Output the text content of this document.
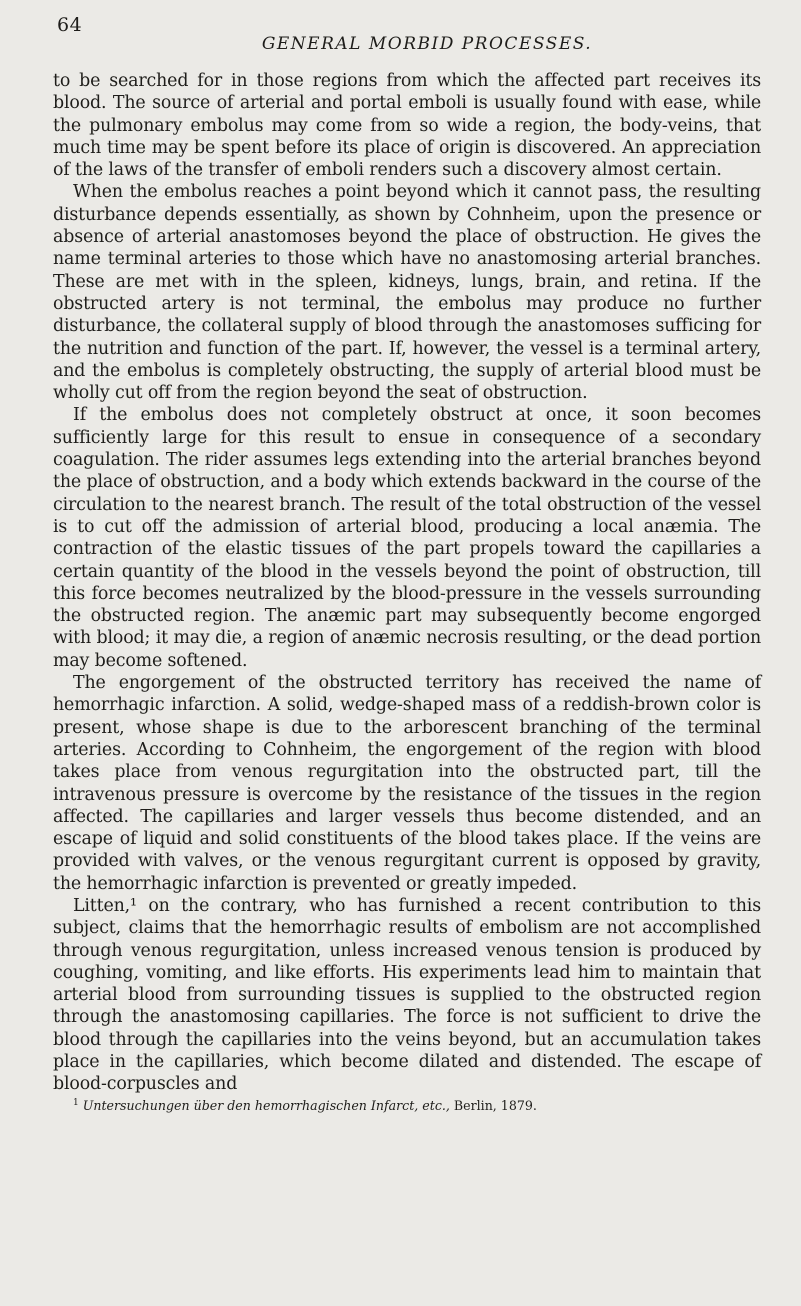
64
GENERAL MORBID PROCESSES.

to be searched for in those regions from which the affected part receives its blood. The source of arterial and portal emboli is usually found with ease, while the pulmonary embolus may come from so wide a region, the body-veins, that much time may be spent before its place of origin is discovered. An appreciation of the laws of the transfer of emboli renders such a discovery almost certain.

When the embolus reaches a point beyond which it cannot pass, the resulting disturbance depends essentially, as shown by Cohnheim, upon the presence or absence of arterial anastomoses beyond the place of obstruction. He gives the name terminal arteries to those which have no anastomosing arterial branches. These are met with in the spleen, kidneys, lungs, brain, and retina. If the obstructed artery is not terminal, the embolus may produce no further disturbance, the collateral supply of blood through the anastomoses sufficing for the nutrition and function of the part. If, however, the vessel is a terminal artery, and the embolus is completely obstructing, the supply of arterial blood must be wholly cut off from the region beyond the seat of obstruction.

If the embolus does not completely obstruct at once, it soon becomes sufficiently large for this result to ensue in consequence of a secondary coagulation. The rider assumes legs extending into the arterial branches beyond the place of obstruction, and a body which extends backward in the course of the circulation to the nearest branch. The result of the total obstruction of the vessel is to cut off the admission of arterial blood, producing a local anæmia. The contraction of the elastic tissues of the part propels toward the capillaries a certain quantity of the blood in the vessels beyond the point of obstruction, till this force becomes neutralized by the blood-pressure in the vessels surrounding the obstructed region. The anæmic part may subsequently become engorged with blood; it may die, a region of anæmic necrosis resulting, or the dead portion may become softened.

The engorgement of the obstructed territory has received the name of hemorrhagic infarction. A solid, wedge-shaped mass of a reddish-brown color is present, whose shape is due to the arborescent branching of the terminal arteries. According to Cohnheim, the engorgement of the region with blood takes place from venous regurgitation into the obstructed part, till the intravenous pressure is overcome by the resistance of the tissues in the region affected. The capillaries and larger vessels thus become distended, and an escape of liquid and solid constituents of the blood takes place. If the veins are provided with valves, or the venous regurgitant current is opposed by gravity, the hemorrhagic infarction is prevented or greatly impeded.

Litten,¹ on the contrary, who has furnished a recent contribution to this subject, claims that the hemorrhagic results of embolism are not accomplished through venous regurgitation, unless increased venous tension is produced by coughing, vomiting, and like efforts. His experiments lead him to maintain that arterial blood from surrounding tissues is supplied to the obstructed region through the anastomosing capillaries. The force is not sufficient to drive the blood through the capillaries into the veins beyond, but an accumulation takes place in the capillaries, which become dilated and distended. The escape of blood-corpuscles and

$^1$ Untersuchungen über den hemorrhagischen Infarct, etc., Berlin, 1879.
